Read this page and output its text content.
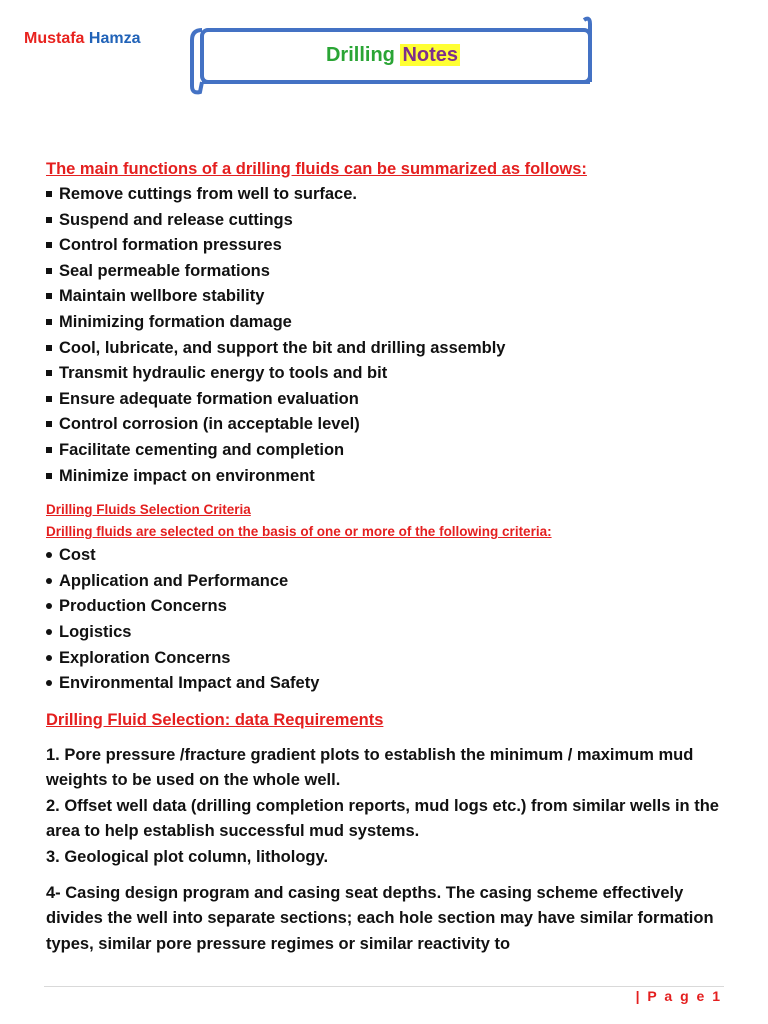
Mustafa Hamza
Drilling Notes
The main functions of a drilling fluids can be summarized as follows:
Remove cuttings from well to surface.
Suspend and release cuttings
Control formation pressures
Seal permeable formations
Maintain wellbore stability
Minimizing formation damage
Cool, lubricate, and support the bit and drilling assembly
Transmit hydraulic energy to tools and bit
Ensure adequate formation evaluation
Control corrosion (in acceptable level)
Facilitate cementing and completion
Minimize impact on environment
Drilling Fluids Selection Criteria
Drilling fluids are selected on the basis of one or more of the following criteria:
Cost
Application and Performance
Production Concerns
Logistics
Exploration Concerns
Environmental Impact and Safety
Drilling Fluid Selection: data Requirements

1. Pore pressure /fracture gradient plots to establish the minimum / maximum mud weights to be used on the whole well.

2. Offset well data (drilling completion reports, mud logs etc.) from similar wells in the area to help establish successful mud systems.

3. Geological plot column, lithology.

4- Casing design program and casing seat depths. The casing scheme effectively divides the well into separate sections; each hole section may have similar formation types, similar pore pressure regimes or similar reactivity to

| P a g e 1
